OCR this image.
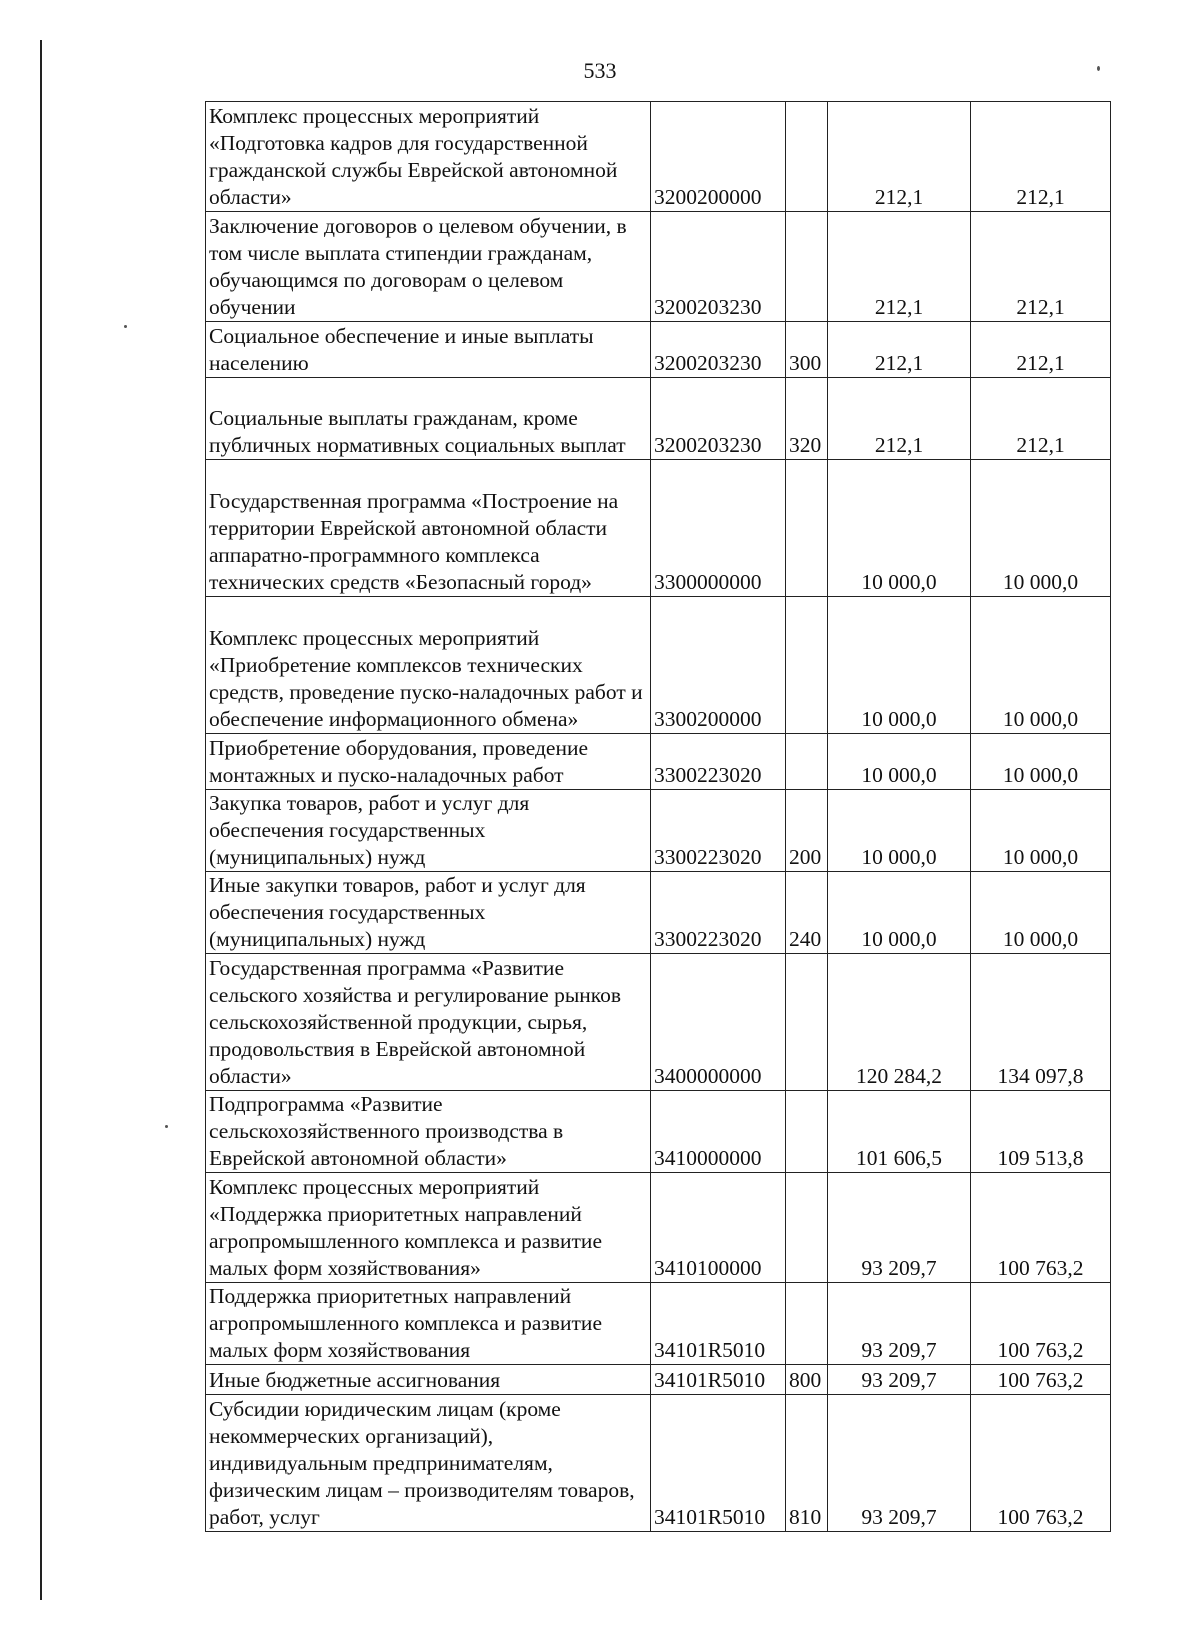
533
Комплекс процессных мероприятий «Подготовка кадров для государственной гражданской службы Еврейской автономной области»	3200200000		212,1	212,1
Заключение договоров о целевом обучении, в том числе выплата стипендии гражданам, обучающимся по договорам о целевом обучении	3200203230		212,1	212,1
Социальное обеспечение и иные выплаты населению	3200203230	300	212,1	212,1
Социальные выплаты гражданам, кроме публичных нормативных социальных выплат	3200203230	320	212,1	212,1
Государственная программа «Построение на территории Еврейской автономной области аппаратно-программного комплекса технических средств «Безопасный город»	3300000000		10 000,0	10 000,0
Комплекс процессных мероприятий «Приобретение комплексов технических средств, проведение пуско-наладочных работ и обеспечение информационного обмена»	3300200000		10 000,0	10 000,0
Приобретение оборудования, проведение монтажных и пуско-наладочных работ	3300223020		10 000,0	10 000,0
Закупка товаров, работ и услуг для обеспечения государственных (муниципальных) нужд	3300223020	200	10 000,0	10 000,0
Иные закупки товаров, работ и услуг для обеспечения государственных (муниципальных) нужд	3300223020	240	10 000,0	10 000,0
Государственная программа «Развитие сельского хозяйства и регулирование рынков сельскохозяйственной продукции, сырья, продовольствия в Еврейской автономной области»	3400000000		120 284,2	134 097,8
Подпрограмма «Развитие сельскохозяйственного производства в Еврейской автономной области»	3410000000		101 606,5	109 513,8
Комплекс процессных мероприятий «Поддержка приоритетных направлений агропромышленного комплекса и развитие малых форм хозяйствования»	3410100000		93 209,7	100 763,2
Поддержка приоритетных направлений агропромышленного комплекса и развитие малых форм хозяйствования	34101R5010		93 209,7	100 763,2
Иные бюджетные ассигнования	34101R5010	800	93 209,7	100 763,2
Субсидии юридическим лицам (кроме некоммерческих организаций), индивидуальным предпринимателям, физическим лицам – производителям товаров, работ, услуг	34101R5010	810	93 209,7	100 763,2
